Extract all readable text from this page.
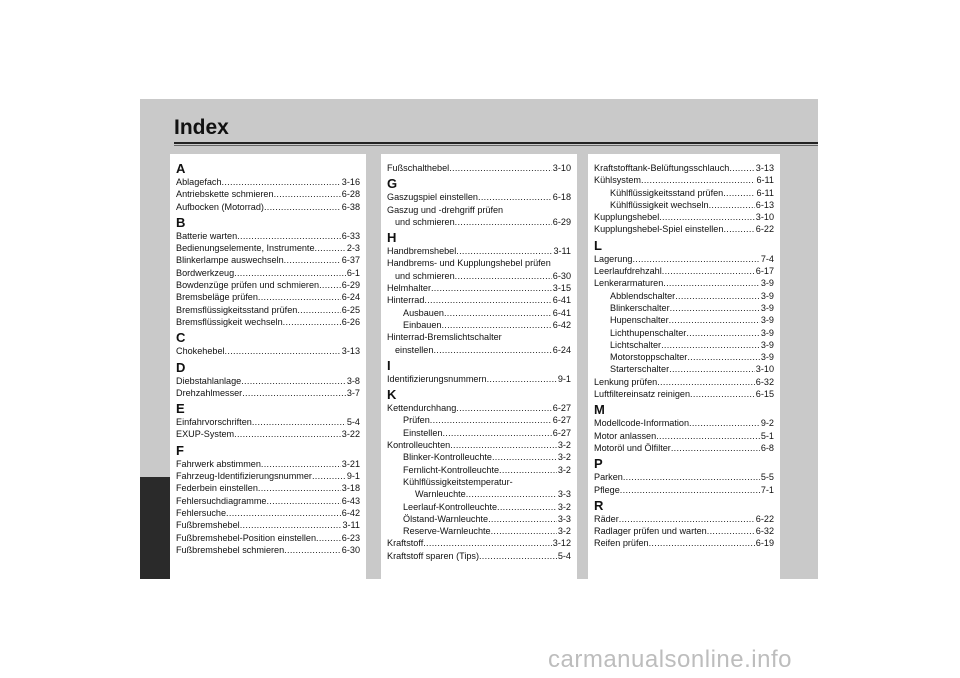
Index
A
Ablagefach .....	3-16
Antriebskette schmieren .....	6-28
Aufbocken (Motorrad) .....	6-38
B
Batterie warten .....	6-33
Bedienungselemente, Instrumente .....	2-3
Blinkerlampe auswechseln .....	6-37
Bordwerkzeug .....	6-1
Bowdenzüge prüfen und schmieren ..... 6-29
Bremsbeläge prüfen .....	6-24
Bremsflüssigkeitsstand prüfen .....	6-25
Bremsflüssigkeit wechseln .....	6-26
C
Chokehebel .....	3-13
D
Diebstahlanlage .....	3-8
Drehzahlmesser .....	3-7
E
Einfahrvorschriften .....	5-4
EXUP-System .....	3-22
F
Fahrwerk abstimmen .....	3-21
Fahrzeug-Identifizierungsnummer .....	9-1
Federbein einstellen .....	3-18
Fehlersuchdiagramme .....	6-43
Fehlersuche .....	6-42
Fußbremshebel .....	3-11
Fußbremshebel-Position einstellen .....	6-23
Fußbremshebel schmieren .....	6-30
Fußschalthebel .....	3-10
G
Gaszugspiel einstellen .....	6-18
Gaszug und -drehgriff prüfen
und schmieren .....	6-29
H
Handbremshebel .....	3-11
Handbrems- und Kupplungshebel prüfen
und schmieren .....	6-30
Helmhalter .....	3-15
Hinterrad .....	6-41
Ausbauen .....	6-41
Einbauen .....	6-42
Hinterrad-Bremslichtschalter
einstellen .....	6-24
I
Identifizierungsnummern .....	9-1
K
Kettendurchhang .....	6-27
Prüfen .....	6-27
Einstellen .....	6-27
Kontrolleuchten .....	3-2
Blinker-Kontrolleuchte .....	3-2
Fernlicht-Kontrolleuchte .....	3-2
Kühlflüssigkeitstemperatur-
Warnleuchte .....	3-3
Leerlauf-Kontrolleuchte .....	3-2
Ölstand-Warnleuchte .....	3-3
Reserve-Warnleuchte .....	3-2
Kraftstoff .....	3-12
Kraftstoff sparen (Tips) .....	5-4
Kraftstofftank-Belüftungsschlauch .....	3-13
Kühlsystem .....	6-11
Kühlflüssigkeitsstand prüfen .....	6-11
Kühlflüssigkeit wechseln .....	6-13
Kupplungshebel .....	3-10
Kupplungshebel-Spiel einstellen .....	6-22
L
Lagerung .....	7-4
Leerlaufdrehzahl .....	6-17
Lenkerarmaturen .....	3-9
Abblendschalter .....	3-9
Blinkerschalter .....	3-9
Hupenschalter .....	3-9
Lichthupenschalter .....	3-9
Lichtschalter .....	3-9
Motorstoppschalter .....	3-9
Starterschalter .....	3-10
Lenkung prüfen .....	6-32
Luftfiltereinsatz reinigen .....	6-15
M
Modellcode-Information .....	9-2
Motor anlassen .....	5-1
Motoröl und Ölfilter .....	6-8
P
Parken .....	5-5
Pflege .....	7-1
R
Räder .....	6-22
Radlager prüfen und warten .....	6-32
Reifen prüfen .....	6-19
carmanualsonline.info
